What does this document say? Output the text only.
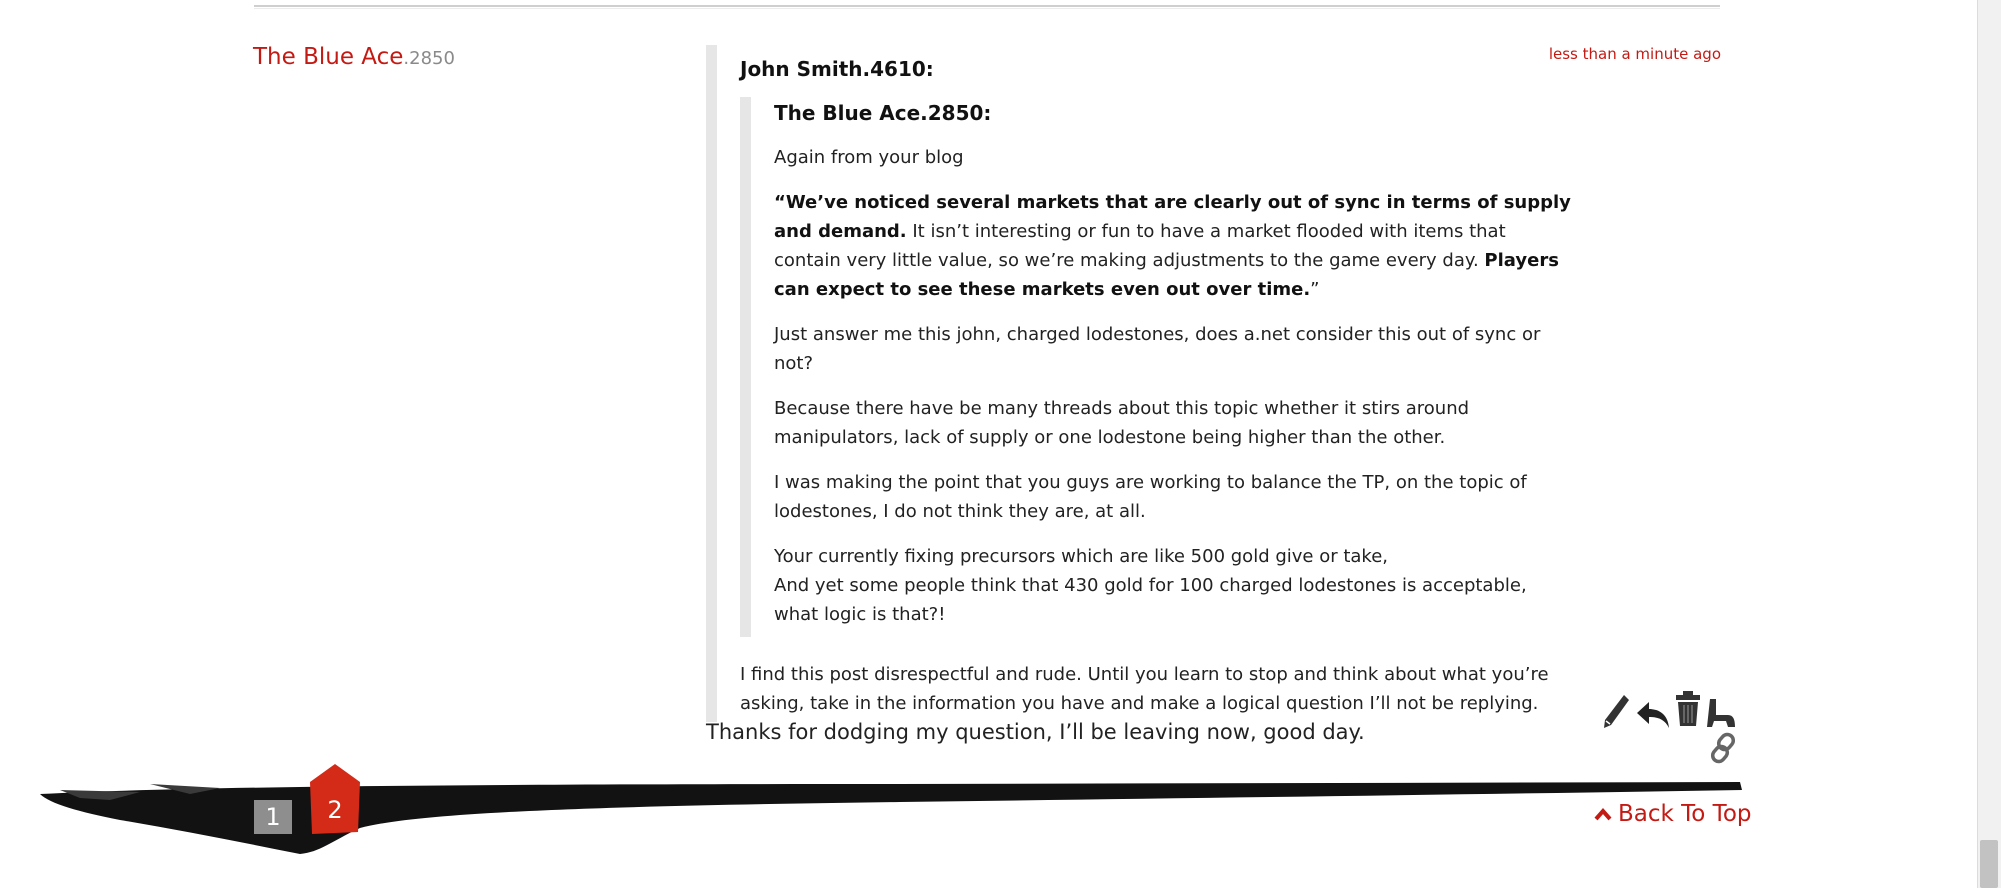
The Blue Ace.2850	less than a minute ago
John Smith.4610:
The Blue Ace.2850:

Again from your blog

“We’ve noticed several markets that are clearly out of sync in terms of supply and demand. It isn’t interesting or fun to have a market flooded with items that contain very little value, so we’re making adjustments to the game every day. Players can expect to see these markets even out over time.”

Just answer me this john, charged lodestones, does a.net consider this out of sync or not?

Because there have be many threads about this topic whether it stirs around manipulators, lack of supply or one lodestone being higher than the other.

I was making the point that you guys are working to balance the TP, on the topic of lodestones, I do not think they are, at all.

Your currently fixing precursors which are like 500 gold give or take,
And yet some people think that 430 gold for 100 charged lodestones is acceptable, what logic is that?!

I find this post disrespectful and rude. Until you learn to stop and think about what you’re asking, take in the information you have and make a logical question I’ll not be replying.

Thanks for dodging my question, I’ll be leaving now, good day.
1	2	Back To Top
